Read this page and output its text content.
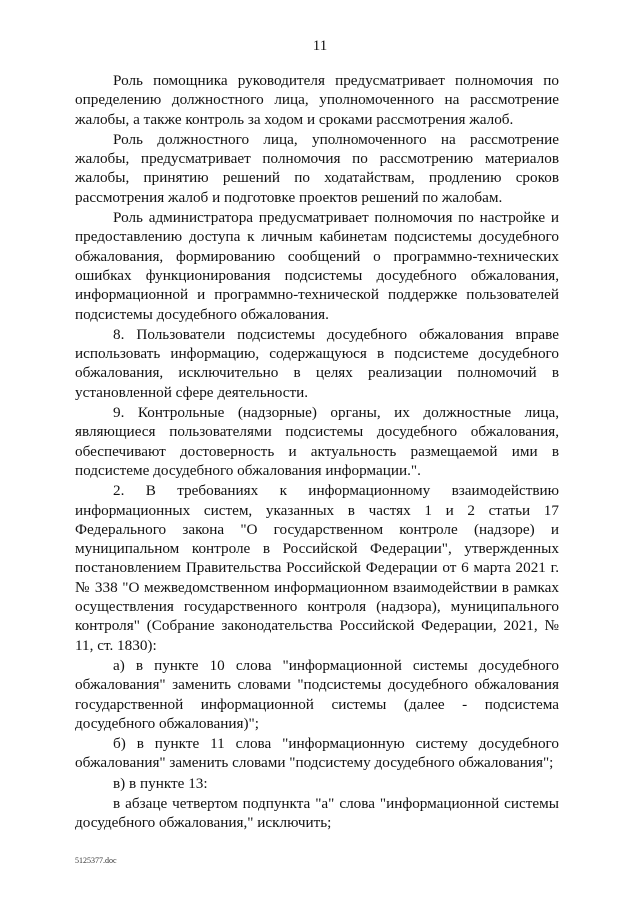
11

Роль помощника руководителя предусматривает полномочия по определению должностного лица, уполномоченного на рассмотрение жалобы, а также контроль за ходом и сроками рассмотрения жалоб.

Роль должностного лица, уполномоченного на рассмотрение жалобы, предусматривает полномочия по рассмотрению материалов жалобы, принятию решений по ходатайствам, продлению сроков рассмотрения жалоб и подготовке проектов решений по жалобам.

Роль администратора предусматривает полномочия по настройке и предоставлению доступа к личным кабинетам подсистемы досудебного обжалования, формированию сообщений о программно-технических ошибках функционирования подсистемы досудебного обжалования, информационной и программно-технической поддержке пользователей подсистемы досудебного обжалования.

8. Пользователи подсистемы досудебного обжалования вправе использовать информацию, содержащуюся в подсистеме досудебного обжалования, исключительно в целях реализации полномочий в установленной сфере деятельности.

9. Контрольные (надзорные) органы, их должностные лица, являющиеся пользователями подсистемы досудебного обжалования, обеспечивают достоверность и актуальность размещаемой ими в подсистеме досудебного обжалования информации.".

2. В требованиях к информационному взаимодействию информационных систем, указанных в частях 1 и 2 статьи 17 Федерального закона "О государственном контроле (надзоре) и муниципальном контроле в Российской Федерации", утвержденных постановлением Правительства Российской Федерации от 6 марта 2021 г. № 338 "О межведомственном информационном взаимодействии в рамках осуществления государственного контроля (надзора), муниципального контроля" (Собрание законодательства Российской Федерации, 2021, № 11, ст. 1830):

а) в пункте 10 слова "информационной системы досудебного обжалования" заменить словами "подсистемы досудебного обжалования государственной информационной системы (далее - подсистема досудебного обжалования)";

б) в пункте 11 слова "информационную систему досудебного обжалования" заменить словами "подсистему досудебного обжалования";

в) в пункте 13:

в абзаце четвертом подпункта "а" слова "информационной системы досудебного обжалования," исключить;

5125377.doc
